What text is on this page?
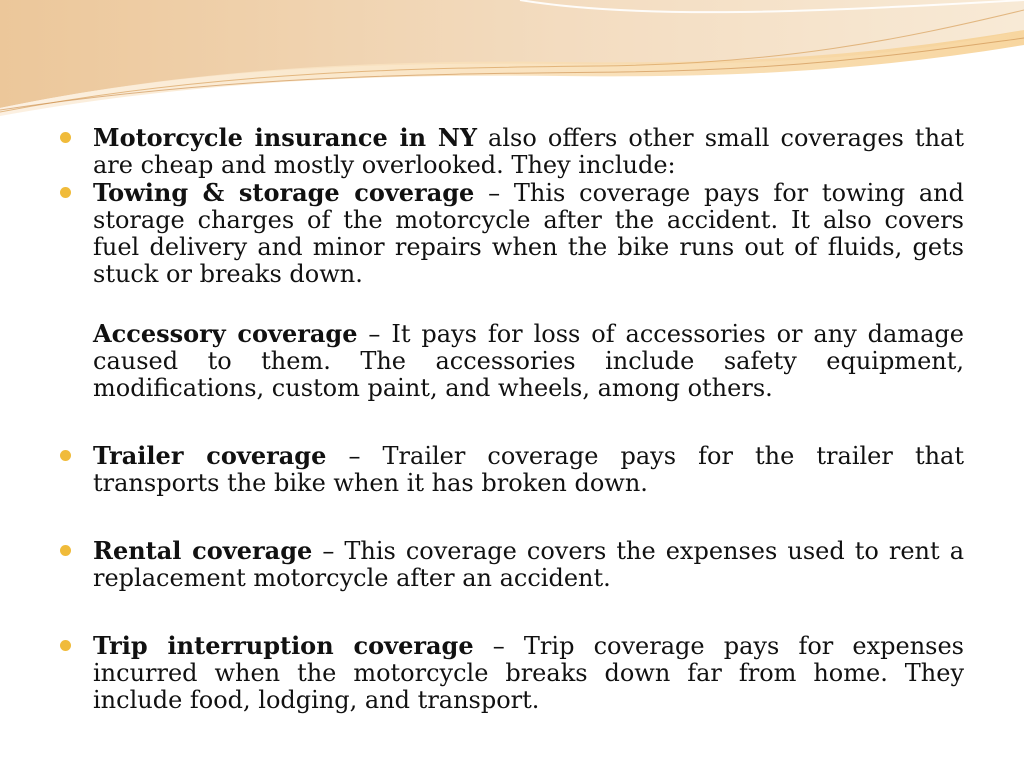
Motorcycle insurance in NY also offers other small coverages that are cheap and mostly overlooked. They include:
Towing & storage coverage – This coverage pays for towing and storage charges of the motorcycle after the accident. It also covers fuel delivery and minor repairs when the bike runs out of fluids, gets stuck or breaks down.
Accessory coverage – It pays for loss of accessories or any damage caused to them. The accessories include safety equipment, modifications, custom paint, and wheels, among others.
Trailer coverage – Trailer coverage pays for the trailer that transports the bike when it has broken down.
Rental coverage – This coverage covers the expenses used to rent a replacement motorcycle after an accident.
Trip interruption coverage – Trip coverage pays for expenses incurred when the motorcycle breaks down far from home. They include food, lodging, and transport.
